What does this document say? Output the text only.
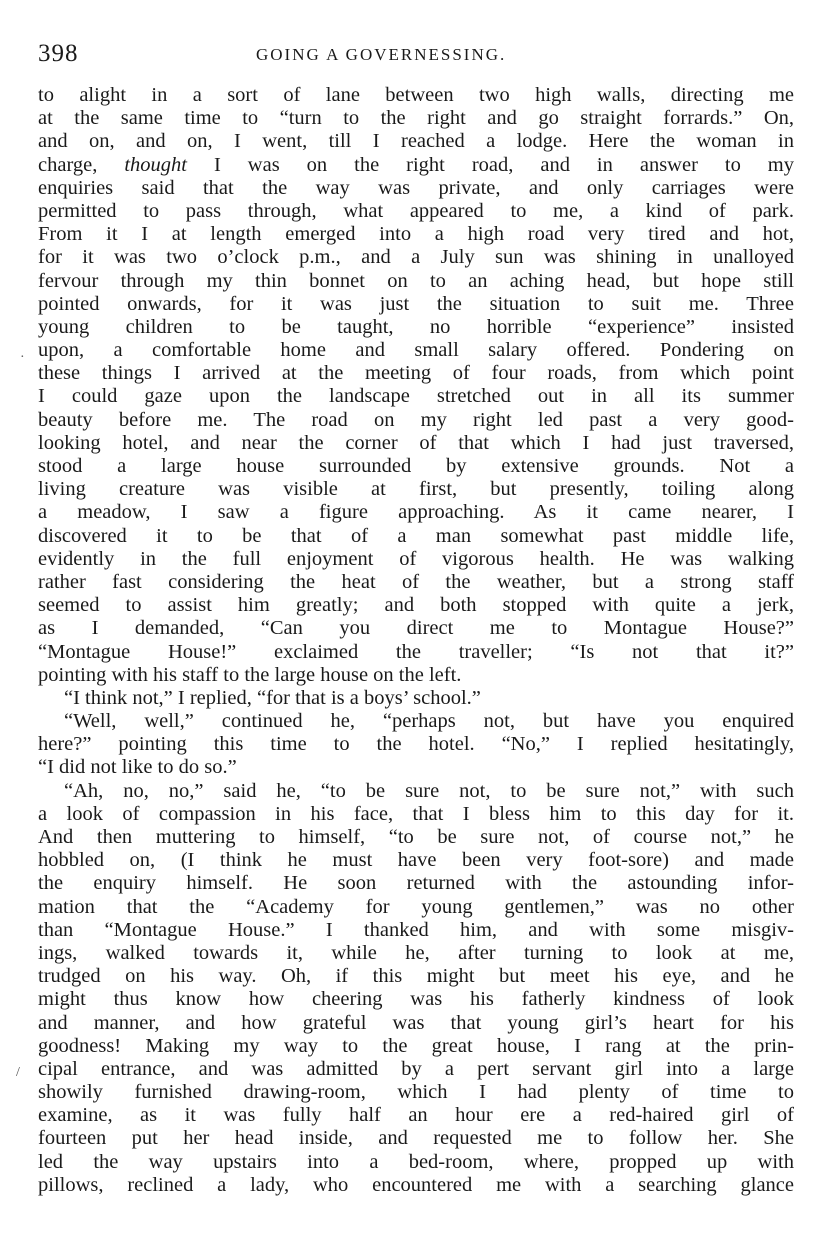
398	GOING A GOVERNESSING.
to alight in a sort of lane between two high walls, directing me
at the same time to “turn to the right and go straight forrards.” On,
and on, and on, I went, till I reached a lodge. Here the woman in
charge, thought I was on the right road, and in answer to my
enquiries said that the way was private, and only carriages were
permitted to pass through, what appeared to me, a kind of park.
From it I at length emerged into a high road very tired and hot,
for it was two o’clock p.m., and a July sun was shining in unalloyed
fervour through my thin bonnet on to an aching head, but hope still
pointed onwards, for it was just the situation to suit me. Three
young children to be taught, no horrible “experience” insisted
upon, a comfortable home and small salary offered. Pondering on
these things I arrived at the meeting of four roads, from which point
I could gaze upon the landscape stretched out in all its summer
beauty before me. The road on my right led past a very good-
looking hotel, and near the corner of that which I had just traversed,
stood a large house surrounded by extensive grounds. Not a
living creature was visible at first, but presently, toiling along
a meadow, I saw a figure approaching. As it came nearer, I
discovered it to be that of a man somewhat past middle life,
evidently in the full enjoyment of vigorous health. He was walking
rather fast considering the heat of the weather, but a strong staff
seemed to assist him greatly; and both stopped with quite a jerk,
as I demanded, “Can you direct me to Montague House?”
“Montague House!” exclaimed the traveller; “Is not that it?”
pointing with his staff to the large house on the left.
“I think not,” I replied, “for that is a boys’ school.”
“Well, well,” continued he, “perhaps not, but have you enquired
here?” pointing this time to the hotel. “No,” I replied hesitatingly,
“I did not like to do so.”
“Ah, no, no,” said he, “to be sure not, to be sure not,” with such
a look of compassion in his face, that I bless him to this day for it.
And then muttering to himself, “to be sure not, of course not,” he
hobbled on, (I think he must have been very foot-sore) and made
the enquiry himself. He soon returned with the astounding infor-
mation that the “Academy for young gentlemen,” was no other
than “Montague House.” I thanked him, and with some misgiv-
ings, walked towards it, while he, after turning to look at me,
trudged on his way. Oh, if this might but meet his eye, and he
might thus know how cheering was his fatherly kindness of look
and manner, and how grateful was that young girl’s heart for his
goodness! Making my way to the great house, I rang at the prin-
cipal entrance, and was admitted by a pert servant girl into a large
showily furnished drawing-room, which I had plenty of time to
examine, as it was fully half an hour ere a red-haired girl of
fourteen put her head inside, and requested me to follow her. She
led the way upstairs into a bed-room, where, propped up with
pillows, reclined a lady, who encountered me with a searching glance
·
/
